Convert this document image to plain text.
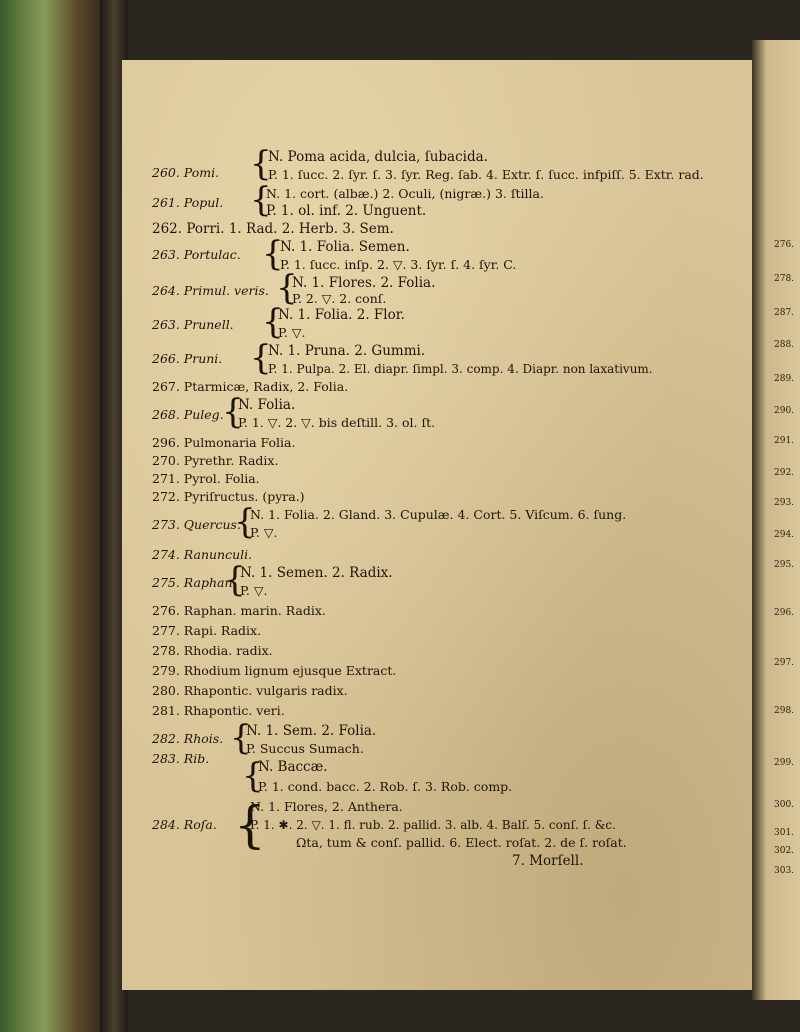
276.
278.
287.
288.
289.
290.
291.
292.
293.
294.
295.
296.
297.
298.
299.
300.
301.
302.
303.
N. Poma acida, dulcia, ſubacida.
260. Pomi. {
P. 1. ſucc. 2. ſyr. ſ. 3. ſyr. Reg. ſab. 4. Extr. ſ. ſucc. infpiſſ. 5. Extr. rad.
N. 1. cort. (albæ.) 2. Oculi, (nigræ.) 3. ſtilla.
261. Popul. {
P. 1. ol. inf. 2. Unguent.
262. Porri. 1. Rad. 2. Herb. 3. Sem.
N. 1. Folia. Semen.
263. Portulac. {
P. 1. ſucc. inſp. 2. ▽. 3. ſyr. ſ. 4. ſyr. C.
N. 1. Flores. 2. Folia.
264. Primul. veris. {
P. 2. ▽. 2. conſ.
N. 1. Folia. 2. Flor.
263. Prunell. {
P. ▽.
N. 1. Pruna. 2. Gummi.
266. Pruni. {
P. 1. Pulpa. 2. El. diapr. ſimpl. 3. comp. 4. Diapr. non laxativum.
267. Ptarmicæ, Radix, 2. Folia.
N. Folia.
268. Puleg.
{
P. 1. ▽. 2. ▽. bis deſtill. 3. ol. ſt.
296. Pulmonaria Folia.
270. Pyrethr. Radix.
271. Pyrol. Folia.
272. Pyriſructus. (pyra.)
N. 1. Folia. 2. Gland. 3. Cupulæ. 4. Cort. 5. Viſcum. 6. ſung.
273. Quercus.
{
P. ▽.
274. Ranunculi.
N. 1. Semen. 2. Radix.
275. Raphan.
{
P. ▽.
276. Raphan. marin. Radix.
277. Rapi. Radix.
278. Rhodia. radix.
279. Rhodium lignum ejusque Extract.
280. Rhapontic. vulgaris radix.
281. Rhapontic. veri.
N. 1. Sem. 2. Folia.
282. Rhois. {
P. Succus Sumach.
283. Rib.
N. Baccæ.
{
P. 1. cond. bacc. 2. Rob. ſ. 3. Rob. comp.
N. 1. Flores, 2. Anthera.
284. Roſa. {
P. 1. ✱. 2. ▽. 1. fl. rub. 2. pallid. 3. alb. 4. Balſ. 5. conſ. ſ. &c.
Ωta, tum & conſ. pallid. 6. Elect. roſat. 2. de ſ. roſat.
7. Morſell.
